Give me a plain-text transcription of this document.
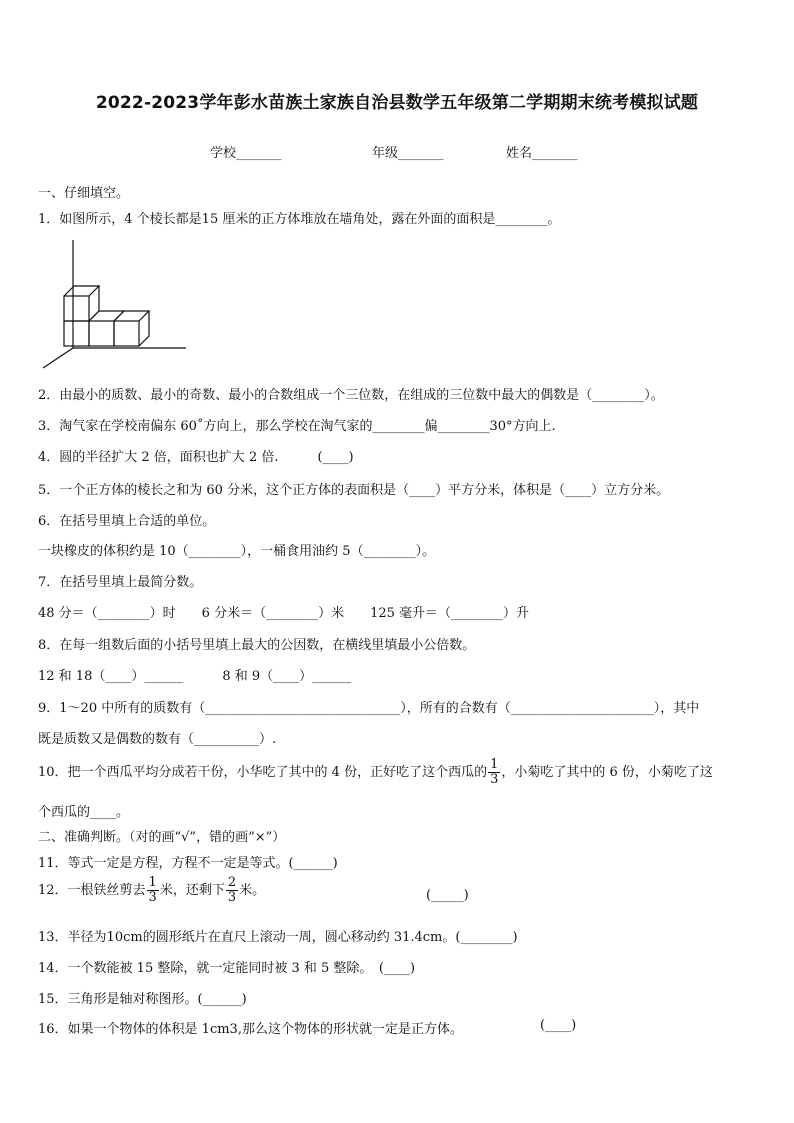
2022-2023学年彭水苗族土家族自治县数学五年级第二学期期末统考模拟试题
学校_______	年级_______	姓名_______
一、仔细填空。
1．如图所示，4 个棱长都是15 厘米的正方体堆放在墙角处，露在外面的面积是________。
2．由最小的质数、最小的奇数、最小的合数组成一个三位数，在组成的三位数中最大的偶数是（________）。
3．淘气家在学校南偏东 60˚方向上，那么学校在淘气家的________偏________30°方向上.
4．圆的半径扩大 2 倍，面积也扩大 2 倍.　　　(____)
5．一个正方体的棱长之和为 60 分米，这个正方体的表面积是（____）平方分米，体积是（____）立方分米。
6．在括号里填上合适的单位。
一块橡皮的体积约是 10（________），一桶食用油约 5（________）。
7．在括号里填上最简分数。
48 分＝（________）时　　6 分米＝（________）米　　125 毫升＝（________）升
8．在每一组数后面的小括号里填上最大的公因数，在横线里填最小公倍数。
12 和 18（____）______　　　8 和 9（____）______
9．1～20 中所有的质数有（______________________________），所有的合数有（______________________），其中
既是质数又是偶数的数有（__________）.
10．把一个西瓜平均分成若干份，小华吃了其中的 4 份，正好吃了这个西瓜的 $\frac{1}{3}$ ，小菊吃了其中的 6 份，小菊吃了这
个西瓜的____。
二、准确判断。（对的画“√”，错的画“×”）
11．等式一定是方程，方程不一定是等式。(______)
12．一根铁丝剪去 $\frac{1}{3}$ 米，还剩下 $\frac{2}{3}$ 米。	(_____)
13．半径为10cm的圆形纸片在直尺上滚动一周，圆心移动约 31.4cm。(________)
14．一个数能被 15 整除，就一定能同时被 3 和 5 整除。　(____)
15．三角形是轴对称图形。(______)
16．如果一个物体的体积是 1cm3,那么这个物体的形状就一定是正方体。	(____)
